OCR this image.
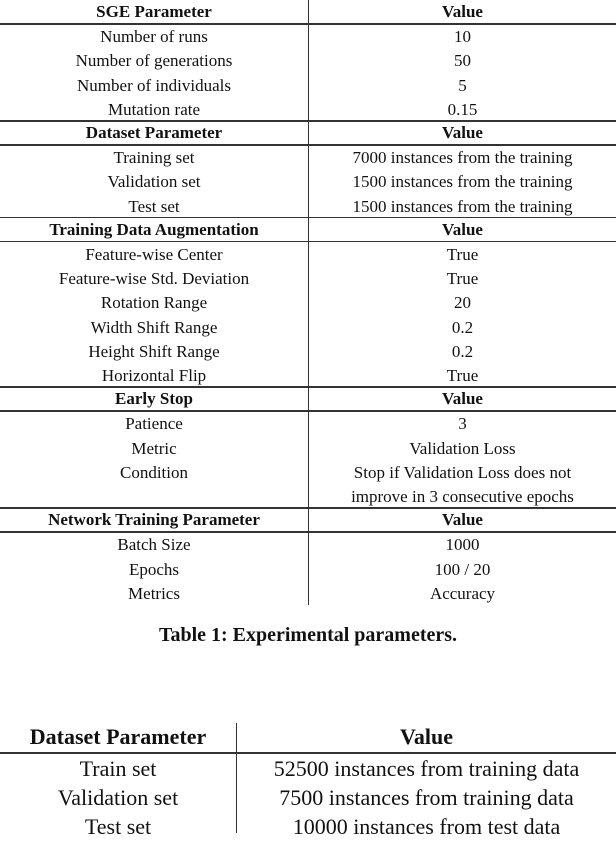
SGE Parameter	Value
Number of runs	10
Number of generations	50
Number of individuals	5
Mutation rate	0.15
Dataset Parameter	Value
Training set	7000 instances from the training
Validation set	1500 instances from the training
Test set	1500 instances from the training
Training Data Augmentation	Value
Feature-wise Center	True
Feature-wise Std. Deviation	True
Rotation Range	20
Width Shift Range	0.2
Height Shift Range	0.2
Horizontal Flip	True
Early Stop	Value
Patience	3
Metric	Validation Loss
Condition	Stop if Validation Loss does not
improve in 3 consecutive epochs
Network Training Parameter	Value
Batch Size	1000
Epochs	100 / 20
Metrics	Accuracy
Table 1: Experimental parameters.
Dataset Parameter	Value
Train set	52500 instances from training data
Validation set	7500 instances from training data
Test set	10000 instances from test data
